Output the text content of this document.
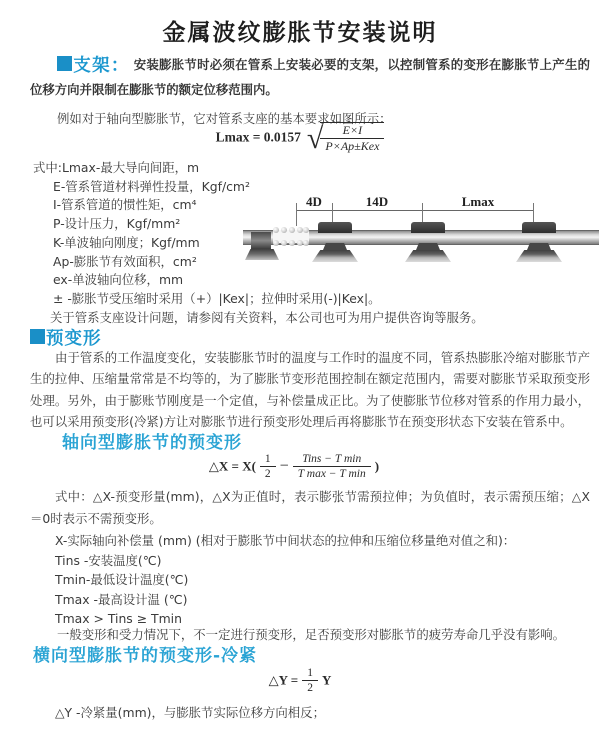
金属波纹膨胀节安装说明

支架： 安装膨胀节时必须在管系上安装必要的支架，以控制管系的变形在膨胀节上产生的位移方向并限制在膨胀节的额定位移范围内。

例如对于轴向型膨胀节，它对管系支座的基本要求如图所示：

Lmax = 0.0157 √
$\frac{E\times I}{\text{P×Ap±Kex}}$
式中:Lmax-最大导向间距，m
E-管系管道材料弹性投量，Kgf/cm²
I-管系管道的惯性矩，cm⁴
P-设计压力，Kgf/mm²
K-单波轴向刚度；Kgf/mm
Ap-膨胀节有效面积，cm²
ex-单波轴向位移，mm
± -膨胀节受压缩时采用（+）|Kex|；拉伸时采用(-)|Kex|。
关于管系支座设计问题，请参阅有关资料，本公司也可为用户提供咨询等服务。
4D	14D	Lmax

预变形

由于管系的工作温度变化，安装膨胀节时的温度与工作时的温度不同，管系热膨胀冷缩对膨胀节产生的拉伸、压缩量常常是不均等的，为了膨胀节变形范围控制在额定范围内，需要对膨胀节采取预变形处理。另外，由于膨账节刚度是一个定值，与补偿量成正比。为了使膨胀节位移对管系的作用力最小，也可以采用预变形(冷紧)方让对膨胀节进行预变形处理后再将膨胀节在预变形状态下安装在管系中。

轴向型膨胀节的预变形
△X = $X( \frac{1}{2} - \frac{\text{Tins − T min}}{\text{T max − T min}}$ )

式中：△X-预变形量(mm)，△X为正值时，表示膨张节需预拉伸；为负值时，表示需预压缩；△X＝0时表示不需预变形。

X-实际轴向补偿量 (mm) (相对于膨胀节中间状态的拉伸和压缩位移量绝对值之和)：
Tins -安装温度(℃)
Tmin-最低设计温度(℃)
Tmax -最高设计温 (℃)
Tmax > Tins ≥ Tmin
一般变形和受力情况下，不一定进行预变形，足否预变形对膨胀节的疲劳寿命几乎没有影响。
横向型膨胀节的预变形-冷紧
△Y = $\frac{1}{2}$ Y
△Y -冷紧量(mm)，与膨胀节实际位移方向相反；
